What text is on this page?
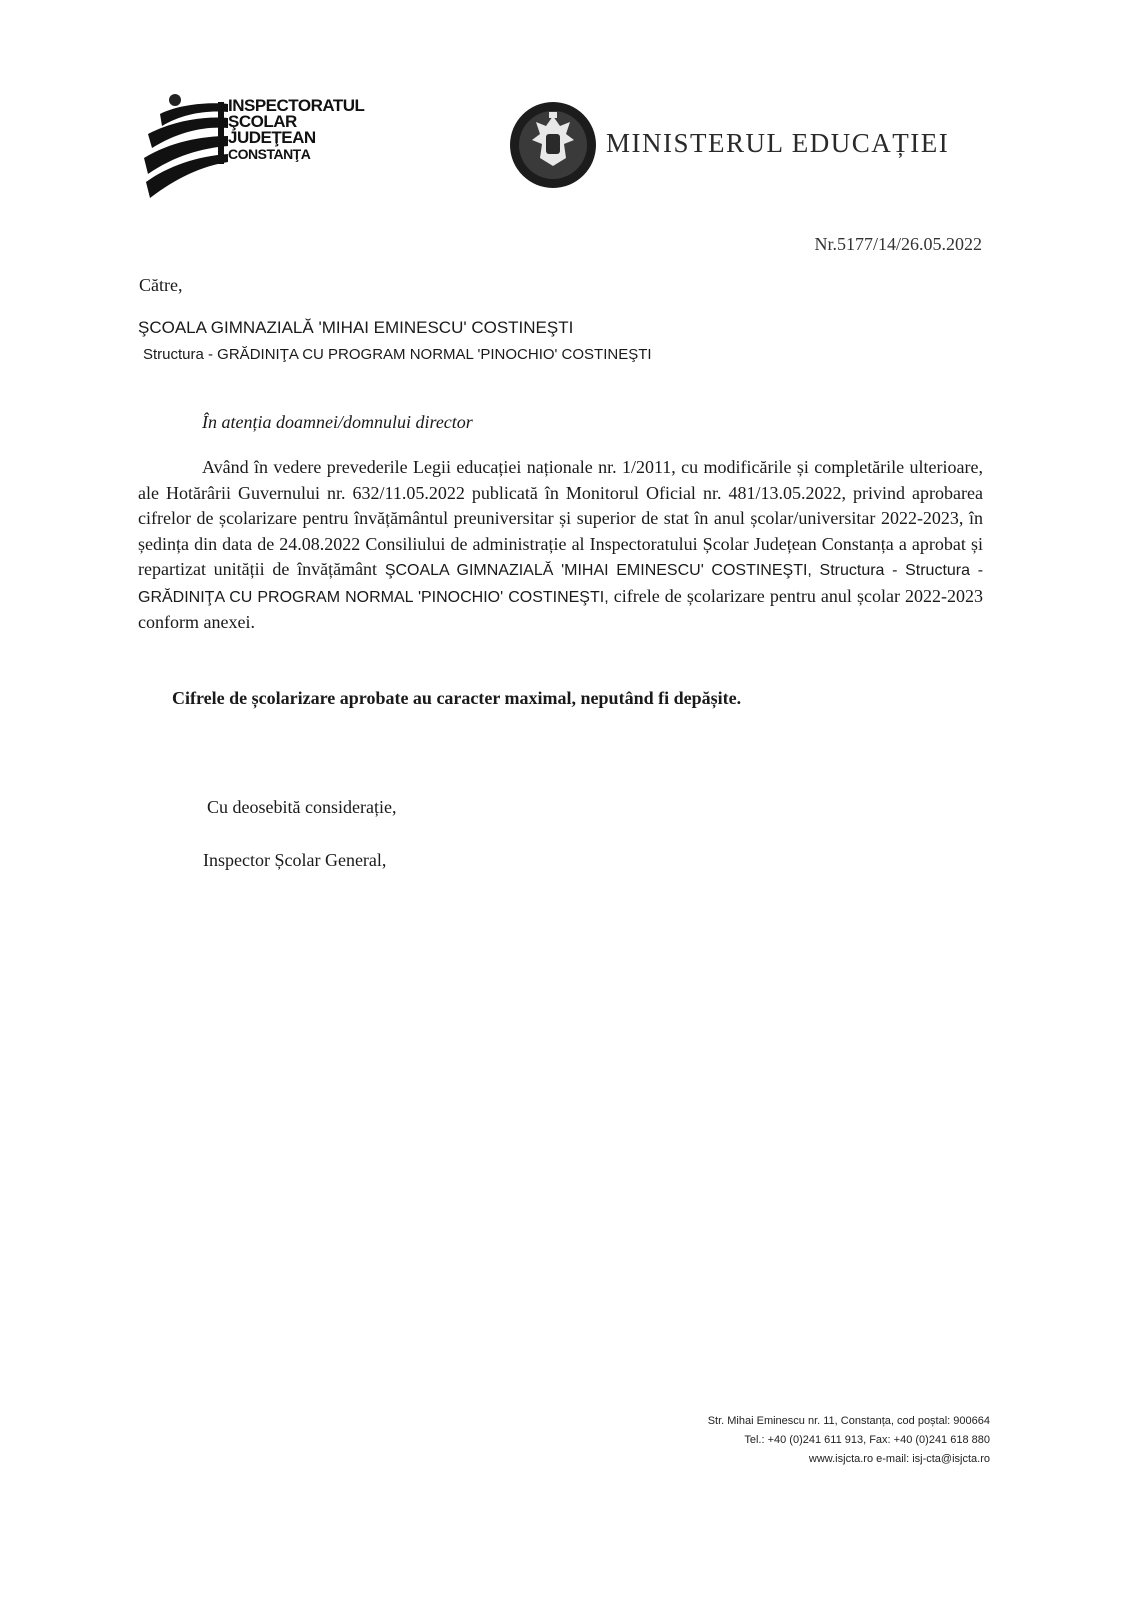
INSPECTORATUL
ŞCOLAR
JUDEŢEAN
CONSTANŢA	MINISTERUL EDUCAȚIEI
Nr.5177/14/26.05.2022
Către,
ŞCOALA GIMNAZIALĂ 'MIHAI EMINESCU' COSTINEŞTI
Structura - GRĂDINIŢA CU PROGRAM NORMAL 'PINOCHIO' COSTINEŞTI
În atenția doamnei/domnului director
Având în vedere prevederile Legii educației naționale nr. 1/2011, cu modificările și completările ulterioare, ale Hotărârii Guvernului nr. 632/11.05.2022 publicată în Monitorul Oficial nr. 481/13.05.2022, privind aprobarea cifrelor de școlarizare pentru învățământul preuniversitar și superior de stat în anul școlar/universitar 2022-2023, în ședința din data de 24.08.2022 Consiliului de administrație al Inspectoratului Școlar Județean Constanța a aprobat și repartizat unității de învățământ ŞCOALA GIMNAZIALĂ 'MIHAI EMINESCU' COSTINEŞTI, Structura - Structura - GRĂDINIŢA CU PROGRAM NORMAL 'PINOCHIO' COSTINEŞTI, cifrele de școlarizare pentru anul școlar 2022-2023 conform anexei.
Cifrele de școlarizare aprobate au caracter maximal, neputând fi depășite.
Cu deosebită considerație,
Inspector Școlar General,
Str. Mihai Eminescu nr. 11, Constanța, cod poștal: 900664
Tel.: +40 (0)241 611 913, Fax: +40 (0)241 618 880
www.isjcta.ro e-mail: isj-cta@isjcta.ro
